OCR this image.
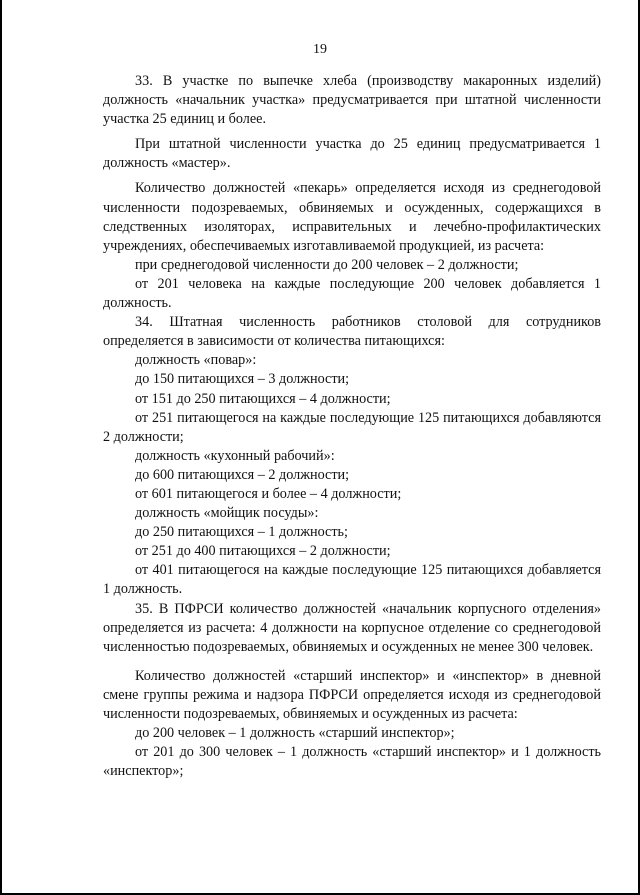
19

33. В участке по выпечке хлеба (производству макаронных изделий) должность «начальник участка» предусматривается при штатной численности участка 25 единиц и более.

При штатной численности участка до 25 единиц предусматривается 1 должность «мастер».

Количество должностей «пекарь» определяется исходя из среднегодовой численности подозреваемых, обвиняемых и осужденных, содержащихся в следственных изоляторах, исправительных и лечебно-профилактических учреждениях, обеспечиваемых изготавливаемой продукцией, из расчета:

при среднегодовой численности до 200 человек – 2 должности;

от 201 человека на каждые последующие 200 человек добавляется 1 должность.

34. Штатная численность работников столовой для сотрудников определяется в зависимости от количества питающихся:

должность «повар»:

до 150 питающихся – 3 должности;

от 151 до 250 питающихся – 4 должности;

от 251 питающегося на каждые последующие 125 питающихся добавляются 2 должности;

должность «кухонный рабочий»:

до 600 питающихся – 2 должности;

от 601 питающегося и более – 4 должности;

должность «мойщик посуды»:

до 250 питающихся – 1 должность;

от 251 до 400 питающихся – 2 должности;

от 401 питающегося на каждые последующие 125 питающихся добавляется 1 должность.

35. В ПФРСИ количество должностей «начальник корпусного отделения» определяется из расчета: 4 должности на корпусное отделение со среднегодовой численностью подозреваемых, обвиняемых и осужденных не менее 300 человек.

Количество должностей «старший инспектор» и «инспектор» в дневной смене группы режима и надзора ПФРСИ определяется исходя из среднегодовой численности подозреваемых, обвиняемых и осужденных из расчета:

до 200 человек – 1 должность «старший инспектор»;

от 201 до 300 человек – 1 должность «старший инспектор» и 1 должность «инспектор»;
